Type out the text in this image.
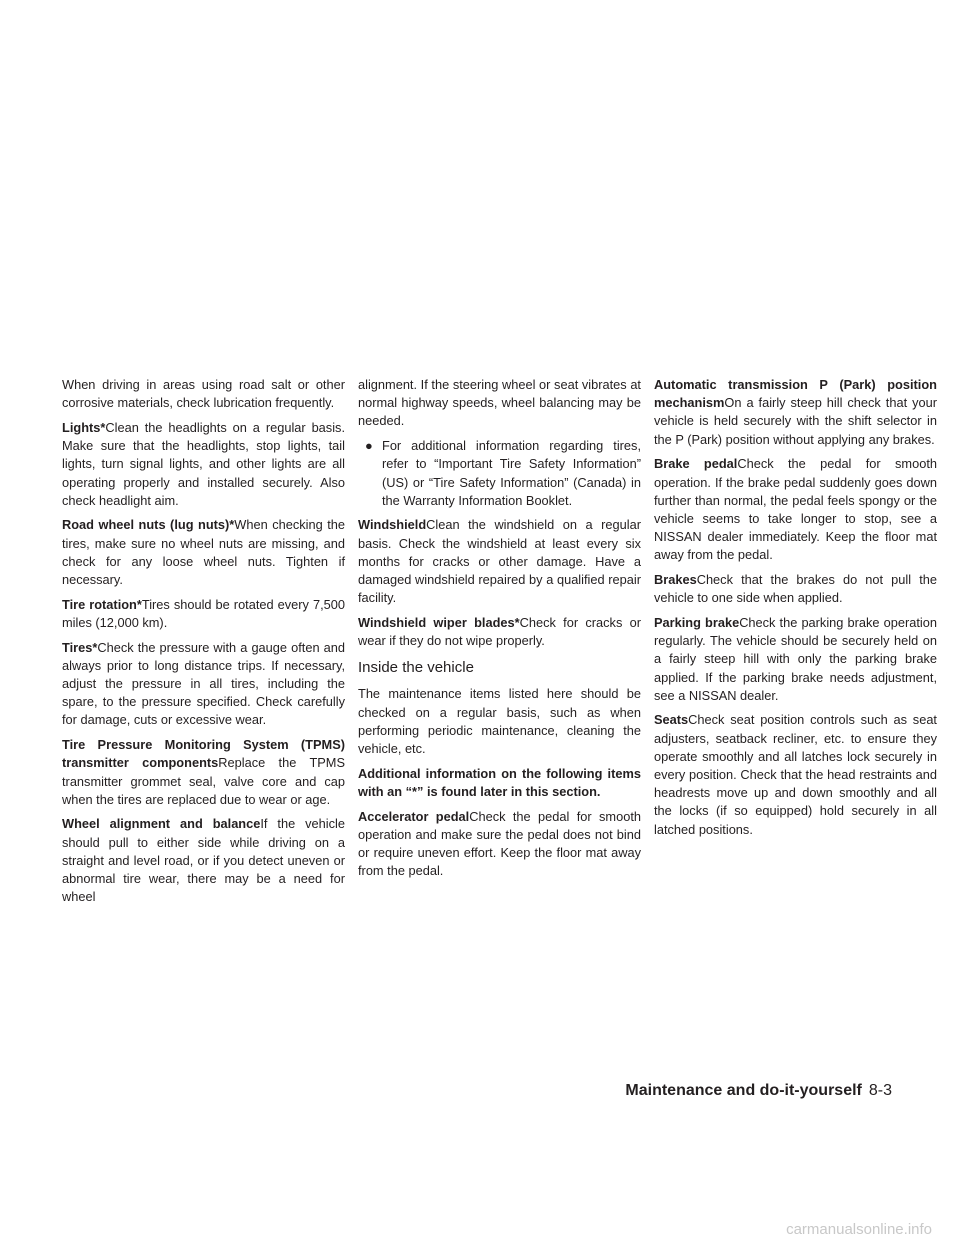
When driving in areas using road salt or other corrosive materials, check lubrication frequently.

Lights*Clean the headlights on a regular basis. Make sure that the headlights, stop lights, tail lights, turn signal lights, and other lights are all operating properly and installed securely. Also check headlight aim.

Road wheel nuts (lug nuts)*When checking the tires, make sure no wheel nuts are missing, and check for any loose wheel nuts. Tighten if necessary.

Tire rotation*Tires should be rotated every 7,500 miles (12,000 km).

Tires*Check the pressure with a gauge often and always prior to long distance trips. If necessary, adjust the pressure in all tires, including the spare, to the pressure specified. Check carefully for damage, cuts or excessive wear.

Tire Pressure Monitoring System (TPMS) transmitter componentsReplace the TPMS transmitter grommet seal, valve core and cap when the tires are replaced due to wear or age.

Wheel alignment and balanceIf the vehicle should pull to either side while driving on a straight and level road, or if you detect uneven or abnormal tire wear, there may be a need for wheel

alignment. If the steering wheel or seat vibrates at normal highway speeds, wheel balancing may be needed.

● For additional information regarding tires, refer to “Important Tire Safety Information” (US) or “Tire Safety Information” (Canada) in the Warranty Information Booklet.

WindshieldClean the windshield on a regular basis. Check the windshield at least every six months for cracks or other damage. Have a damaged windshield repaired by a qualified repair facility.

Windshield wiper blades*Check for cracks or wear if they do not wipe properly.

Inside the vehicle

The maintenance items listed here should be checked on a regular basis, such as when performing periodic maintenance, cleaning the vehicle, etc.

Additional information on the following items with an “*” is found later in this section.

Accelerator pedalCheck the pedal for smooth operation and make sure the pedal does not bind or require uneven effort. Keep the floor mat away from the pedal.

Automatic transmission P (Park) position mechanismOn a fairly steep hill check that your vehicle is held securely with the shift selector in the P (Park) position without applying any brakes.

Brake pedalCheck the pedal for smooth operation. If the brake pedal suddenly goes down further than normal, the pedal feels spongy or the vehicle seems to take longer to stop, see a NISSAN dealer immediately. Keep the floor mat away from the pedal.

BrakesCheck that the brakes do not pull the vehicle to one side when applied.

Parking brakeCheck the parking brake operation regularly. The vehicle should be securely held on a fairly steep hill with only the parking brake applied. If the parking brake needs adjustment, see a NISSAN dealer.

SeatsCheck seat position controls such as seat adjusters, seatback recliner, etc. to ensure they operate smoothly and all latches lock securely in every position. Check that the head restraints and headrests move up and down smoothly and all the locks (if so equipped) hold securely in all latched positions.

Maintenance and do-it-yourself 8-3
carmanualsonline.info
